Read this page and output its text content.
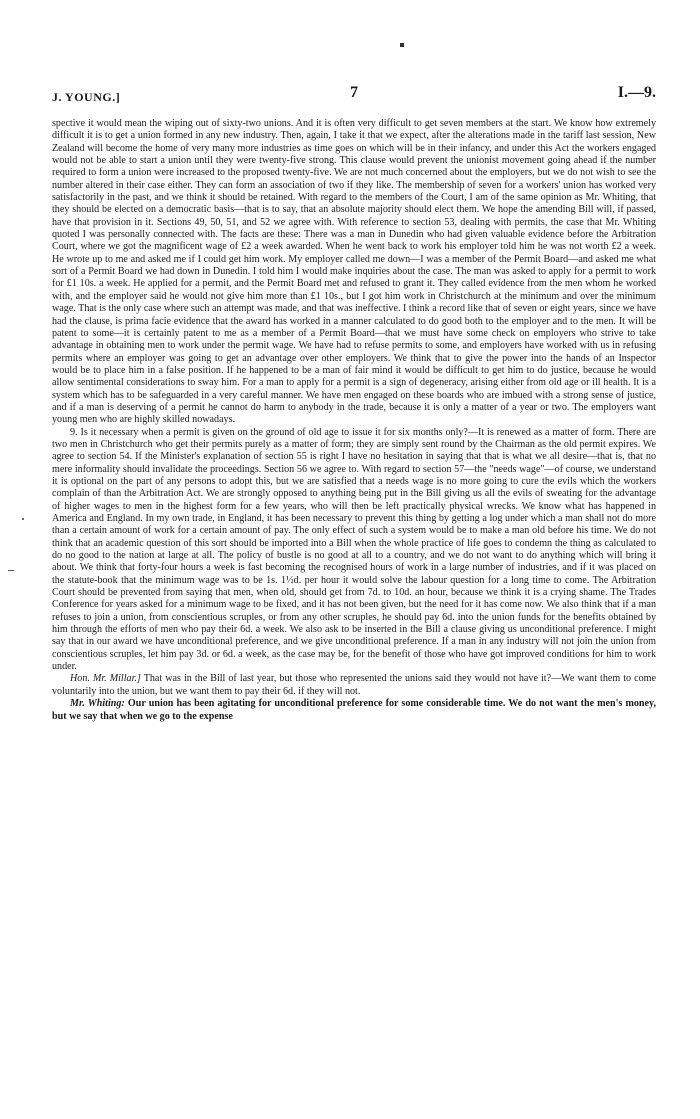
J. YOUNG.]	7	I.—9.

spective it would mean the wiping out of sixty-two unions. And it is often very difficult to get seven members at the start. We know how extremely difficult it is to get a union formed in any new industry. Then, again, I take it that we expect, after the alterations made in the tariff last session, New Zealand will become the home of very many more industries as time goes on which will be in their infancy, and under this Act the workers engaged would not be able to start a union until they were twenty-five strong. This clause would prevent the unionist movement going ahead if the number required to form a union were increased to the proposed twenty-five. We are not much concerned about the employers, but we do not wish to see the number altered in their case either. They can form an association of two if they like. The membership of seven for a workers' union has worked very satisfactorily in the past, and we think it should be retained. With regard to the members of the Court, I am of the same opinion as Mr. Whiting, that they should be elected on a democratic basis—that is to say, that an absolute majority should elect them. We hope the amending Bill will, if passed, have that provision in it. Sections 49, 50, 51, and 52 we agree with. With reference to section 53, dealing with permits, the case that Mr. Whiting quoted I was personally connected with. The facts are these: There was a man in Dunedin who had given valuable evidence before the Arbitration Court, where we got the magnificent wage of £2 a week awarded. When he went back to work his employer told him he was not worth £2 a week. He wrote up to me and asked me if I could get him work. My employer called me down—I was a member of the Permit Board—and asked me what sort of a Permit Board we had down in Dunedin. I told him I would make inquiries about the case. The man was asked to apply for a permit to work for £1 10s. a week. He applied for a permit, and the Permit Board met and refused to grant it. They called evidence from the men whom he worked with, and the employer said he would not give him more than £1 10s., but I got him work in Christchurch at the minimum and over the minimum wage. That is the only case where such an attempt was made, and that was ineffective. I think a record like that of seven or eight years, since we have had the clause, is prima facie evidence that the award has worked in a manner calculated to do good both to the employer and to the men. It will be patent to some—it is certainly patent to me as a member of a Permit Board—that we must have some check on employers who strive to take advantage in obtaining men to work under the permit wage. We have had to refuse permits to some, and employers have worked with us in refusing permits where an employer was going to get an advantage over other employers. We think that to give the power into the hands of an Inspector would be to place him in a false position. If he happened to be a man of fair mind it would be difficult to get him to do justice, because he would allow sentimental considerations to sway him. For a man to apply for a permit is a sign of degeneracy, arising either from old age or ill health. It is a system which has to be safeguarded in a very careful manner. We have men engaged on these boards who are imbued with a strong sense of justice, and if a man is deserving of a permit he cannot do harm to anybody in the trade, because it is only a matter of a year or two. The employers want young men who are highly skilled nowadays.

9. Is it necessary when a permit is given on the ground of old age to issue it for six months only?—It is renewed as a matter of form. There are two men in Christchurch who get their permits purely as a matter of form; they are simply sent round by the Chairman as the old permit expires. We agree to section 54. If the Minister's explanation of section 55 is right I have no hesitation in saying that that is what we all desire—that is, that no mere informality should invalidate the proceedings. Section 56 we agree to. With regard to section 57—the "needs wage"—of course, we understand it is optional on the part of any persons to adopt this, but we are satisfied that a needs wage is no more going to cure the evils which the workers complain of than the Arbitration Act. We are strongly opposed to anything being put in the Bill giving us all the evils of sweating for the advantage of higher wages to men in the highest form for a few years, who will then be left practically physical wrecks. We know what has happened in America and England. In my own trade, in England, it has been necessary to prevent this thing by getting a log under which a man shall not do more than a certain amount of work for a certain amount of pay. The only effect of such a system would be to make a man old before his time. We do not think that an academic question of this sort should be imported into a Bill when the whole practice of life goes to condemn the thing as calculated to do no good to the nation at large at all. The policy of bustle is no good at all to a country, and we do not want to do anything which will bring it about. We think that forty-four hours a week is fast becoming the recognised hours of work in a large number of industries, and if it was placed on the statute-book that the minimum wage was to be 1s. 1½d. per hour it would solve the labour question for a long time to come. The Arbitration Court should be prevented from saying that men, when old, should get from 7d. to 10d. an hour, because we think it is a crying shame. The Trades Conference for years asked for a minimum wage to be fixed, and it has not been given, but the need for it has come now. We also think that if a man refuses to join a union, from conscientious scruples, or from any other scruples, he should pay 6d. into the union funds for the benefits obtained by him through the efforts of men who pay their 6d. a week. We also ask to be inserted in the Bill a clause giving us unconditional preference. I might say that in our award we have unconditional preference, and we give unconditional preference. If a man in any industry will not join the union from conscientious scruples, let him pay 3d. or 6d. a week, as the case may be, for the benefit of those who have got improved conditions for him to work under.

Hon. Mr. Millar.] That was in the Bill of last year, but those who represented the unions said they would not have it?—We want them to come voluntarily into the union, but we want them to pay their 6d. if they will not.

Mr. Whiting: Our union has been agitating for unconditional preference for some considerable time. We do not want the men's money, but we say that when we go to the expense
